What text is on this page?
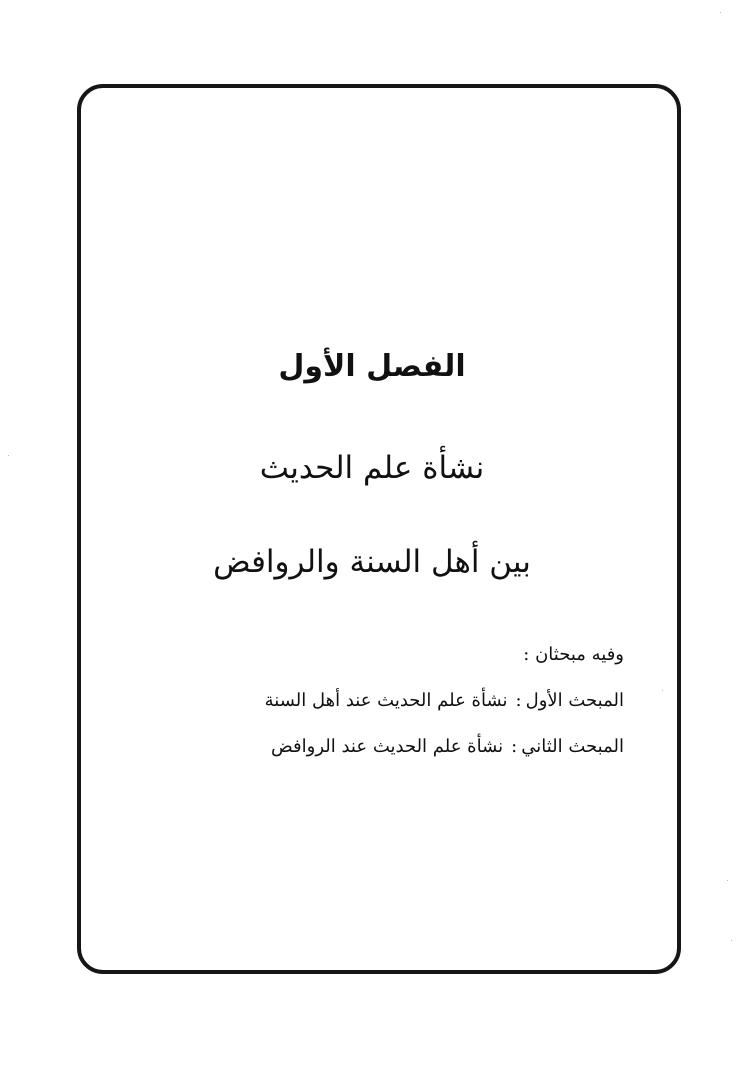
الفصل الأول

نشأة علم الحديث

بين أهل السنة والروافض

وفيه مبحثان :
المبحث الأول
:
نشأة علم الحديث عند أهل السنة
المبحث الثاني
:
نشأة علم الحديث عند الروافض
